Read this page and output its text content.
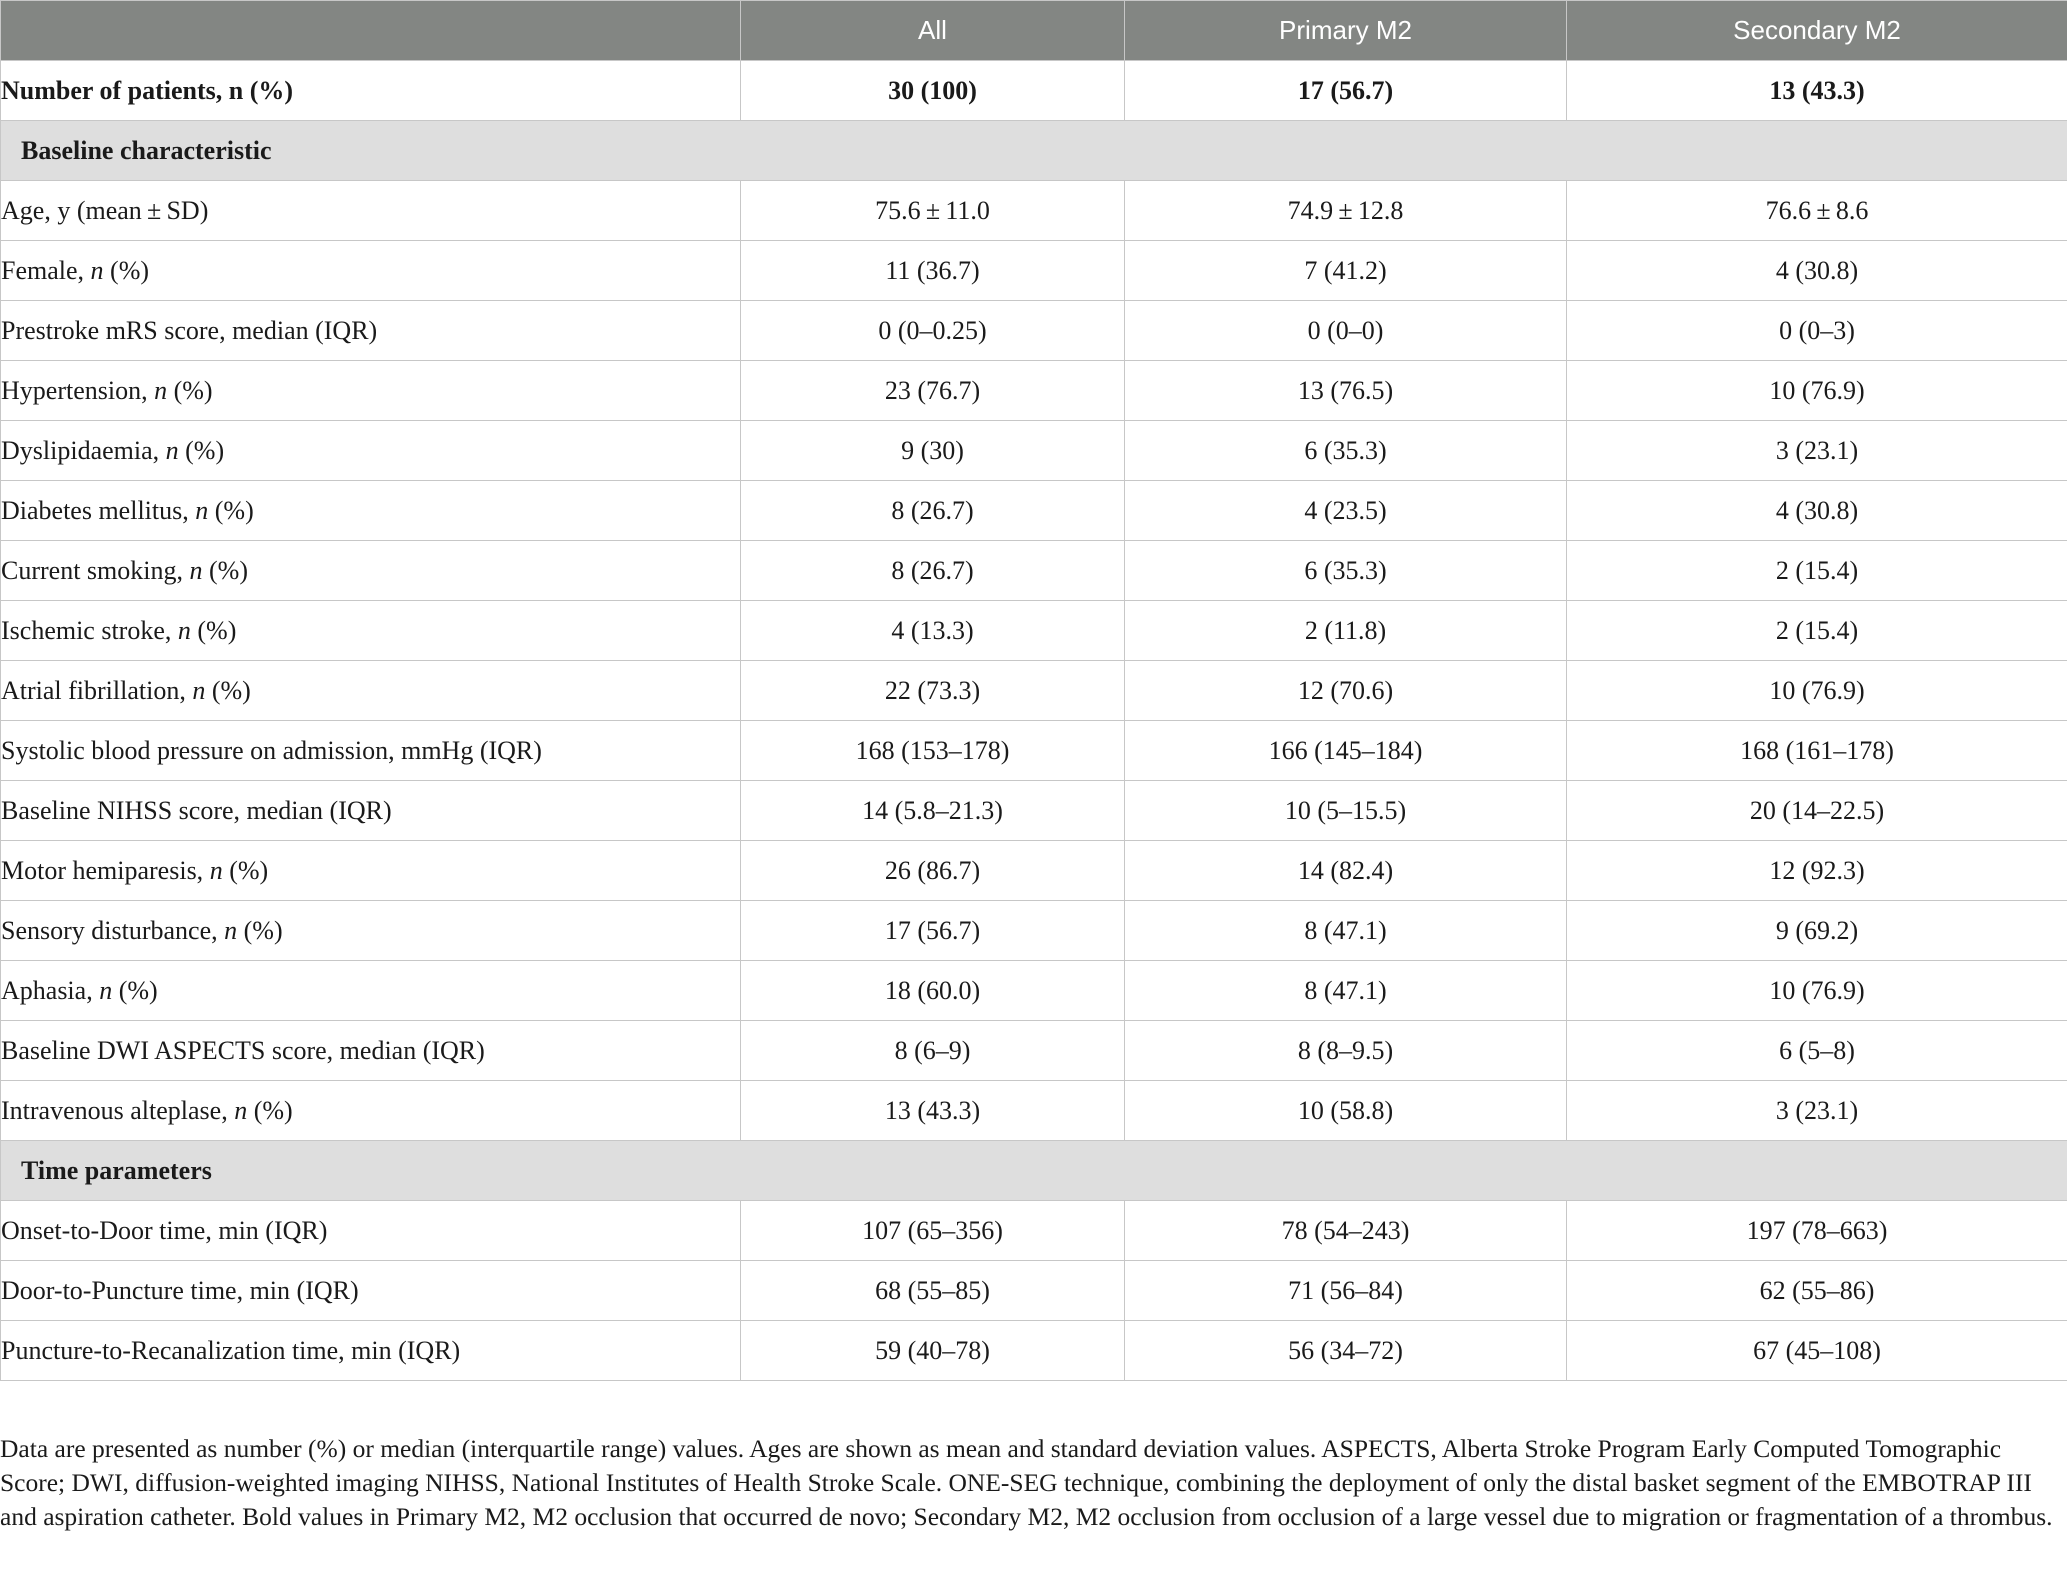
	All	Primary M2	Secondary M2
Number of patients, n (%)	30 (100)	17 (56.7)	13 (43.3)
Baseline characteristic			
Age, y (mean ± SD)	75.6 ± 11.0	74.9 ± 12.8	76.6 ± 8.6
Female, n (%)	11 (36.7)	7 (41.2)	4 (30.8)
Prestroke mRS score, median (IQR)	0 (0–0.25)	0 (0–0)	0 (0–3)
Hypertension, n (%)	23 (76.7)	13 (76.5)	10 (76.9)
Dyslipidaemia, n (%)	9 (30)	6 (35.3)	3 (23.1)
Diabetes mellitus, n (%)	8 (26.7)	4 (23.5)	4 (30.8)
Current smoking, n (%)	8 (26.7)	6 (35.3)	2 (15.4)
Ischemic stroke, n (%)	4 (13.3)	2 (11.8)	2 (15.4)
Atrial fibrillation, n (%)	22 (73.3)	12 (70.6)	10 (76.9)
Systolic blood pressure on admission, mmHg (IQR)	168 (153–178)	166 (145–184)	168 (161–178)
Baseline NIHSS score, median (IQR)	14 (5.8–21.3)	10 (5–15.5)	20 (14–22.5)
Motor hemiparesis, n (%)	26 (86.7)	14 (82.4)	12 (92.3)
Sensory disturbance, n (%)	17 (56.7)	8 (47.1)	9 (69.2)
Aphasia, n (%)	18 (60.0)	8 (47.1)	10 (76.9)
Baseline DWI ASPECTS score, median (IQR)	8 (6–9)	8 (8–9.5)	6 (5–8)
Intravenous alteplase, n (%)	13 (43.3)	10 (58.8)	3 (23.1)
Time parameters			
Onset-to-Door time, min (IQR)	107 (65–356)	78 (54–243)	197 (78–663)
Door-to-Puncture time, min (IQR)	68 (55–85)	71 (56–84)	62 (55–86)
Puncture-to-Recanalization time, min (IQR)	59 (40–78)	56 (34–72)	67 (45–108)

Data are presented as number (%) or median (interquartile range) values. Ages are shown as mean and standard deviation values. ASPECTS, Alberta Stroke Program Early Computed Tomographic Score; DWI, diffusion-weighted imaging NIHSS, National Institutes of Health Stroke Scale. ONE-SEG technique, combining the deployment of only the distal basket segment of the EMBOTRAP III and aspiration catheter. Bold values in Primary M2, M2 occlusion that occurred de novo; Secondary M2, M2 occlusion from occlusion of a large vessel due to migration or fragmentation of a thrombus.
